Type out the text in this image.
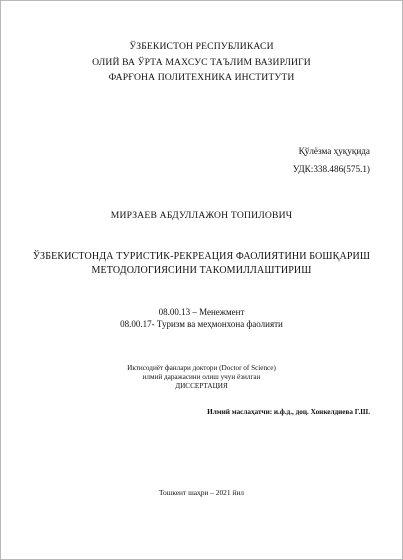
ЎЗБЕКИСТОН РЕСПУБЛИКАСИ
ОЛИЙ ВА ЎРТА МАХСУС ТАЪЛИМ ВАЗИРЛИГИ
ФАРҒОНА ПОЛИТЕХНИКА ИНСТИТУТИ
Қўлёзма ҳуқуқида
УДК:338.486(575.1)
МИРЗАЕВ АБДУЛЛАЖОН ТОПИЛОВИЧ
ЎЗБЕКИСТОНДА ТУРИСТИК-РЕКРЕАЦИЯ ФАОЛИЯТИНИ БОШҚАРИШ
МЕТОДОЛОГИЯСИНИ ТАКОМИЛЛАШТИРИШ
08.00.13 – Менежмент
08.00.17- Туризм ва меҳмонхона фаолияти
Иктисодиёт фанлари доктори (Doctor of Science)
илмий даражасини олиш учун ёзилган
ДИССЕРТАЦИЯ
Илмий маслаҳатчи: и.ф.д., доц. Хонкелдиева Г.Ш.
Тошкент шаҳри – 2021 йил
